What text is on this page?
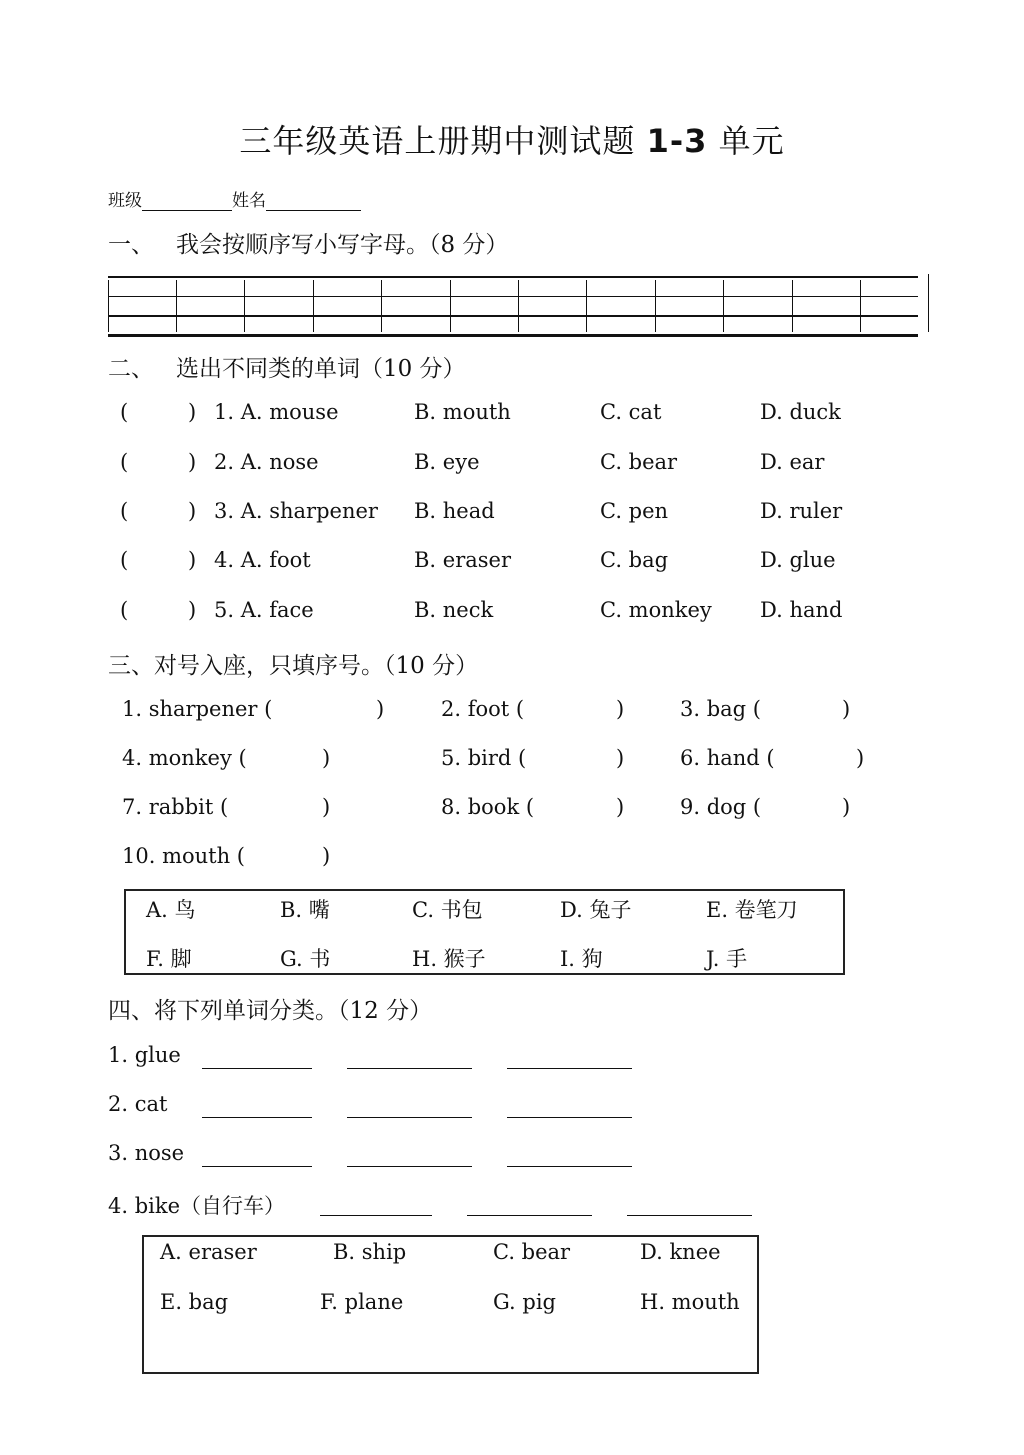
三年级英语上册期中测试题 1-3 单元
班级	姓名
一、 我会按顺序写小写字母。（8 分）
二、 选出不同类的单词（10 分）
(	) 1. A. mouse	B. mouth	C. cat	D. duck
(	) 2. A. nose	B. eye	C. bear	D. ear
(	) 3. A. sharpener B. head	C. pen	D. ruler
(	) 4. A. foot	B. eraser	C. bag	D. glue
(	) 5. A. face	B. neck	C. monkey D. hand
三、对号入座，只填序号。（10 分）
1. sharpener (	)	2. foot (	)	3. bag (	)
4. monkey (	)	5. bird (	)	6. hand (	)
7. rabbit (	)	8. book (	)	9. dog (	)
10. mouth (	)
A. 鸟	B. 嘴	C. 书包	D. 兔子	E. 卷笔刀
F. 脚	G. 书	H. 猴子	I. 狗	J. 手
四、将下列单词分类。（12 分）
1. glue
2. cat
3. nose
4. bike（自行车）
A. eraser	B. ship	C. bear	D. knee
E. bag	F. plane	G. pig	H. mouth
